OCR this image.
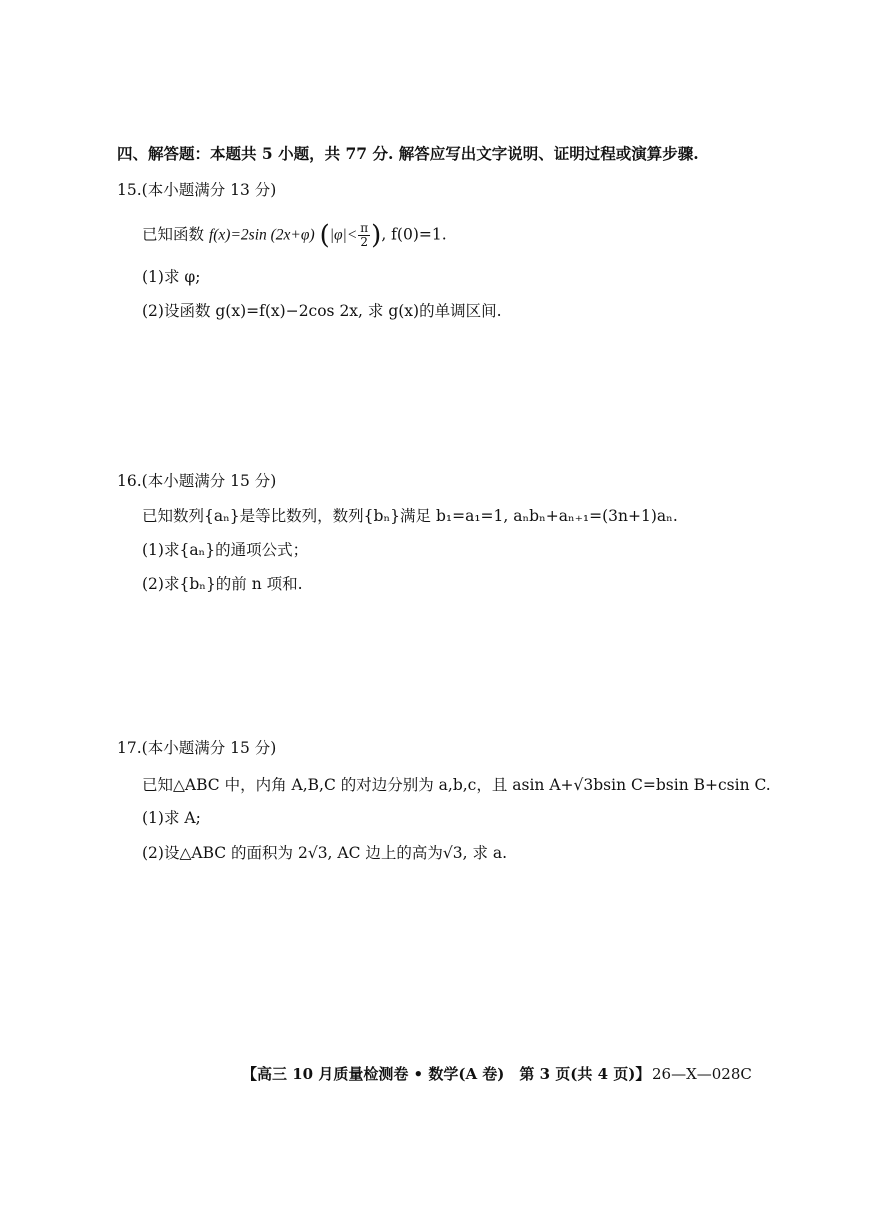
四、解答题：本题共 5 小题，共 77 分. 解答应写出文字说明、证明过程或演算步骤.
15.(本小题满分 13 分)
已知函数 f(x)=2sin (2x+φ) ($|\varphi|< \frac{\pi}{2}$ ), f(0)=1.
(1)求 φ;
(2)设函数 g(x)=f(x)−2cos 2x, 求 g(x)的单调区间.
16.(本小题满分 15 分)
已知数列{aₙ}是等比数列，数列{bₙ}满足 b₁=a₁=1, aₙbₙ+aₙ₊₁=(3n+1)aₙ.
(1)求{aₙ}的通项公式；
(2)求{bₙ}的前 n 项和.
17.(本小题满分 15 分)
已知△ABC 中，内角 A,B,C 的对边分别为 a,b,c，且 asin A+√3bsin C=bsin B+csin C.
(1)求 A;
(2)设△ABC 的面积为 2√3, AC 边上的高为√3, 求 a.
【高三 10 月质量检测卷 • 数学(A 卷)　第 3 页(共 4 页)】 26—X—028C
